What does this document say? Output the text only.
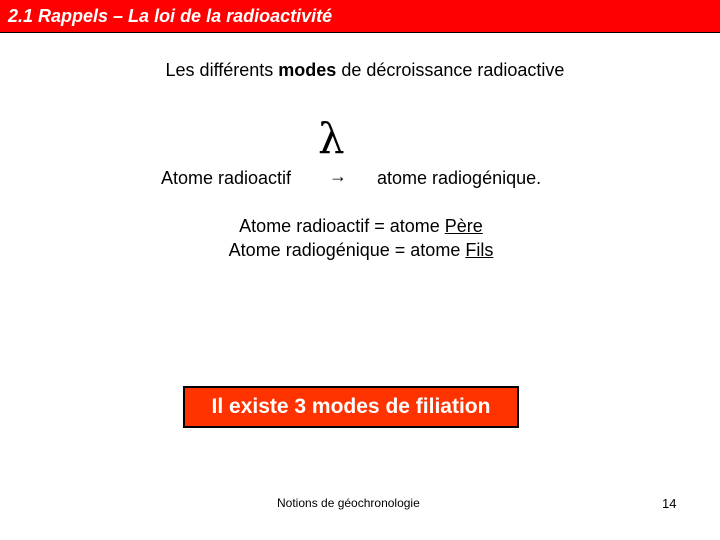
2.1 Rappels – La loi de la radioactivité
Les différents modes de décroissance radioactive
λ
Atome radioactif → atome radiogénique.
Atome radioactif = atome Père
Atome radiogénique = atome Fils
Il existe 3 modes de filiation
Notions de géochronologie	14
